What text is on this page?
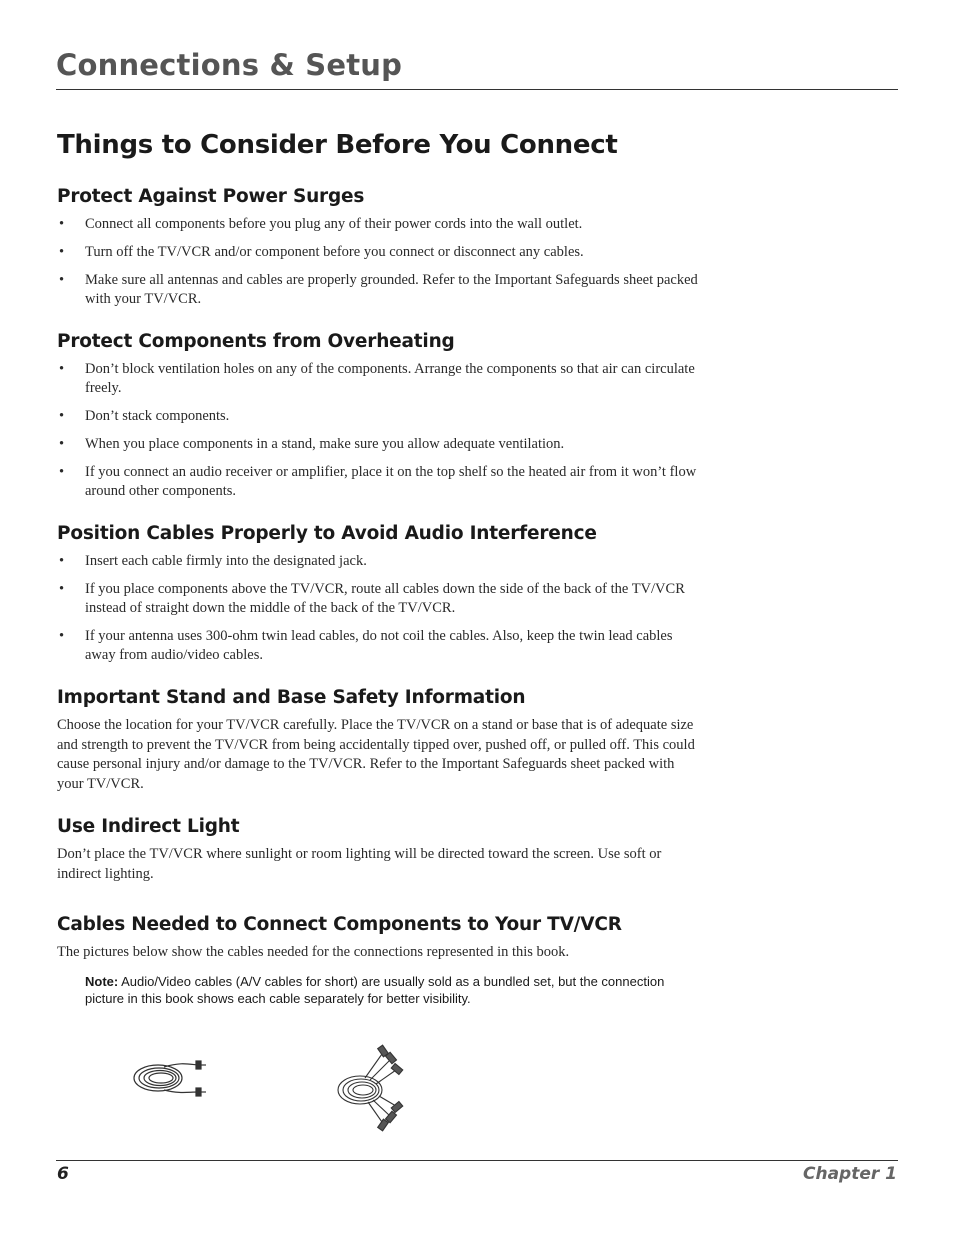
Connections & Setup
Things to Consider Before You Connect
Protect Against Power Surges
• Connect all components before you plug any of their power cords into the wall outlet.
• Turn off the TV/VCR and/or component before you connect or disconnect any cables.
• Make sure all antennas and cables are properly grounded. Refer to the Important Safeguards sheet packed with your TV/VCR.
Protect Components from Overheating
• Don’t block ventilation holes on any of the components. Arrange the components so that air can circulate freely.
• Don’t stack components.
• When you place components in a stand, make sure you allow adequate ventilation.
• If you connect an audio receiver or amplifier, place it on the top shelf so the heated air from it won’t flow around other components.
Position Cables Properly to Avoid Audio Interference
• Insert each cable firmly into the designated jack.
• If you place components above the TV/VCR, route all cables down the side of the back of the TV/VCR instead of straight down the middle of the back of the TV/VCR.
• If your antenna uses 300-ohm twin lead cables, do not coil the cables. Also, keep the twin lead cables away from audio/video cables.
Important Stand and Base Safety Information

Choose the location for your TV/VCR carefully. Place the TV/VCR on a stand or base that is of adequate size and strength to prevent the TV/VCR from being accidentally tipped over, pushed off, or pulled off. This could cause personal injury and/or damage to the TV/VCR. Refer to the Important Safeguards sheet packed with your TV/VCR.

Use Indirect Light

Don’t place the TV/VCR where sunlight or room lighting will be directed toward the screen. Use soft or indirect lighting.

Cables Needed to Connect Components to Your TV/VCR

The pictures below show the cables needed for the connections represented in this book.

Note: Audio/Video cables (A/V cables for short) are usually sold as a bundled set, but the connection picture in this book shows each cable separately for better visibility.
6	Chapter 1
